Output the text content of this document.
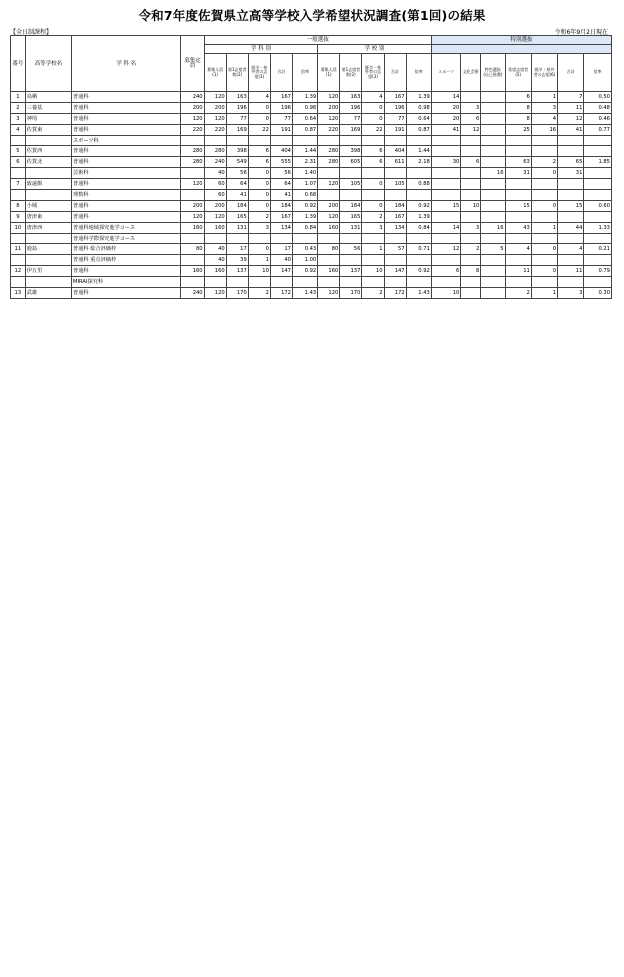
令和7年度佐賀県立高等学校入学希望状況調査(第1回)の結果
【全日制課程】	令和6年9月2日現在
番号	高等学校名	学 科 名	募集定員	一般選抜										特別選抜						
				学 科 別					学 校 別											
				募集人員(1)	第1志望者数(2)	既卒・県外者の志望(3)	合計	倍率	募集人員(1)	第1志望者数(2)	既卒・県外者の志望(3)	合計	倍率	スポーツ	文化芸術	特色選抜(自己推薦)	希望志望者(5)	既卒・県外者の志望(6)	合計	倍率
1	鳥栖	普通科	240	120	163	4	167	1.39	120	163	4	167	1.39	14			6	1	7	0.50
2	三養基	普通科	200	200	196	0	196	0.98	200	196	0	196	0.98	20	3		8	3	11	0.48
3	神埼	普通科	120	120	77	0	77	0.64	120	77	0	77	0.64	20	6		8	4	12	0.46
4	佐賀東	普通科	220	220	169	22	191	0.87	220	169	22	191	0.87	41	12		25	16	41	0.77
		スポーツ科																		
5	佐賀西	普通科	280	280	398	6	404	1.44	280	398	6	404	1.44							
6	佐賀北	普通科	280	240	549	6	555	2.31	280	605	6	611	2.18	30	6		63	2	65	1.85
		芸術科		40	56	0	56	1.40								16	31	0	31	
7	致遠館	普通科	120	60	64	0	64	1.07	120	105	0	105	0.88							
		理数科		60	41	0	41	0.68												
8	小城	普通科	200	200	184	0	184	0.92	200	184	0	184	0.92	15	10		15	0	15	0.60
9	唐津東	普通科	120	120	165	2	167	1.39	120	165	2	167	1.39							
10	唐津西	普通科地域探究進学コース	160	160	131	3	134	0.84	160	131	3	134	0.84	14	3	16	43	1	44	1.33
		普通科学際探究進学コース																		
11	鹿島	普通科 総合評価枠	80	40	17	0	17	0.43	80	56	1	57	0.71	12	2	5	4	0	4	0.21
		普通科 重点評価枠		40	39	1	40	1.00												
12	伊万里	普通科	160	160	137	10	147	0.92	160	137	10	147	0.92	6	8		11	0	11	0.79
		MIRAI探究科																		
13	武雄	普通科	240	120	170	2	172	1.43	120	170	2	172	1.43	10			2	1	3	0.30
